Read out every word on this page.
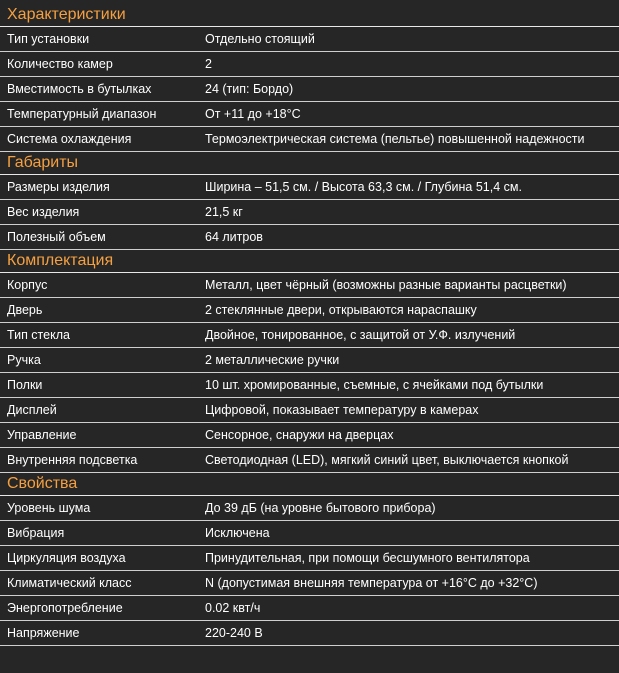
Характеристики
Тип установки	Отдельно стоящий
Количество камер	2
Вместимость в бутылках	24 (тип: Бордо)
Температурный диапазон	От +11 до +18°С
Система охлаждения	Термоэлектрическая система (пельтье) повышенной надежности
Габариты
Размеры изделия	Ширина – 51,5 см. / Высота 63,3 см. / Глубина 51,4 см.
Вес изделия	21,5 кг
Полезный объем	64 литров
Комплектация
Корпус	Металл, цвет чёрный (возможны разные варианты расцветки)
Дверь	2 стеклянные двери, открываются нараспашку
Тип стекла	Двойное, тонированное, с защитой от У.Ф. излучений
Ручка	2 металлические ручки
Полки	10 шт. хромированные, съемные, с ячейками под бутылки
Дисплей	Цифровой, показывает температуру в камерах
Управление	Сенсорное, снаружи на дверцах
Внутренняя подсветка	Светодиодная (LED), мягкий синий цвет, выключается кнопкой
Свойства
Уровень шума	До 39 дБ (на уровне бытового прибора)
Вибрация	Исключена
Циркуляция воздуха	Принудительная, при помощи бесшумного вентилятора
Климатический класс	N (допустимая внешняя температура от +16°С до +32°С)
Энергопотребление	0.02 квт/ч
Напряжение	220-240 В
